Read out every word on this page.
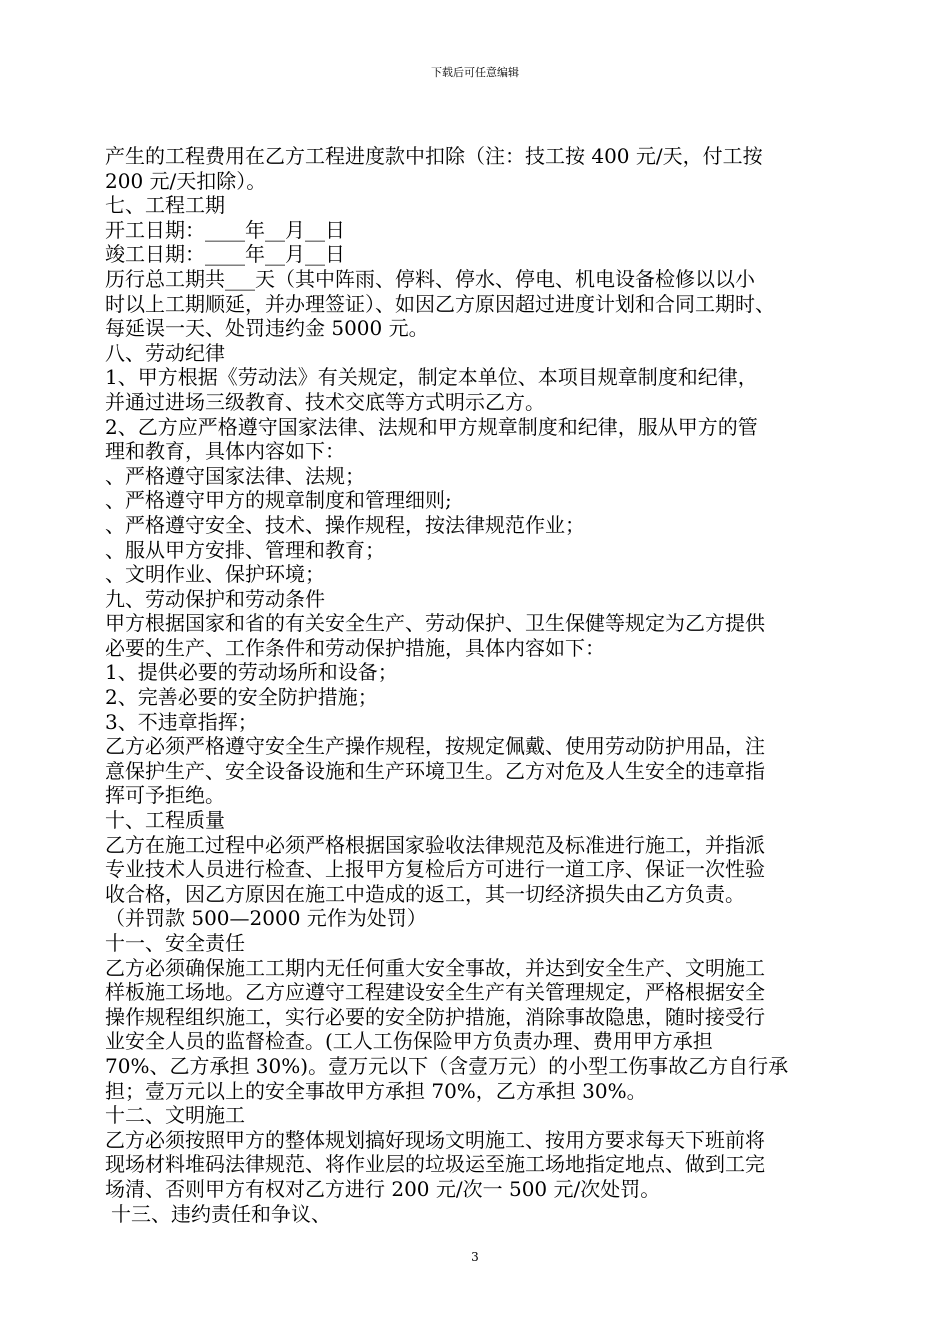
下载后可任意编辑
产生的工程费用在乙方工程进度款中扣除（注：技工按 400 元/天，付工按
200 元/天扣除）。
七、工程工期
开工日期：____年__月__日
竣工日期：____年__月__日
历行总工期共___天（其中阵雨、停料、停水、停电、机电设备检修以以小
时以上工期顺延，并办理签证）、如因乙方原因超过进度计划和合同工期时、
每延误一天、处罚违约金 5000 元。
八、劳动纪律
1、甲方根据《劳动法》有关规定，制定本单位、本项目规章制度和纪律，
并通过进场三级教育、技术交底等方式明示乙方。
2、乙方应严格遵守国家法律、法规和甲方规章制度和纪律，服从甲方的管
理和教育，具体内容如下：
、严格遵守国家法律、法规；
、严格遵守甲方的规章制度和管理细则;
、严格遵守安全、技术、操作规程，按法律规范作业；
、服从甲方安排、管理和教育；
、文明作业、保护环境；
九、劳动保护和劳动条件
甲方根据国家和省的有关安全生产、劳动保护、卫生保健等规定为乙方提供
必要的生产、工作条件和劳动保护措施，具体内容如下：
1、提供必要的劳动场所和设备；
2、完善必要的安全防护措施；
3、不违章指挥；
乙方必须严格遵守安全生产操作规程，按规定佩戴、使用劳动防护用品，注
意保护生产、安全设备设施和生产环境卫生。乙方对危及人生安全的违章指
挥可予拒绝。
十、工程质量
乙方在施工过程中必须严格根据国家验收法律规范及标准进行施工，并指派
专业技术人员进行检查、上报甲方复检后方可进行一道工序、保证一次性验
收合格，因乙方原因在施工中造成的返工，其一切经济损失由乙方负责。
（并罚款 500—2000 元作为处罚）
十一、安全责任
乙方必须确保施工工期内无任何重大安全事故，并达到安全生产、文明施工
样板施工场地。乙方应遵守工程建设安全生产有关管理规定，严格根据安全
操作规程组织施工，实行必要的安全防护措施，消除事故隐患，随时接受行
业安全人员的监督检查。(工人工伤保险甲方负责办理、费用甲方承担
70%、乙方承担 30%)。壹万元以下（含壹万元）的小型工伤事故乙方自行承
担；壹万元以上的安全事故甲方承担 70%，乙方承担 30%。
十二、文明施工
乙方必须按照甲方的整体规划搞好现场文明施工、按用方要求每天下班前将
现场材料堆码法律规范、将作业层的垃圾运至施工场地指定地点、做到工完
场清、否则甲方有权对乙方进行 200 元/次一 500 元/次处罚。
十三、违约责任和争议、
3
